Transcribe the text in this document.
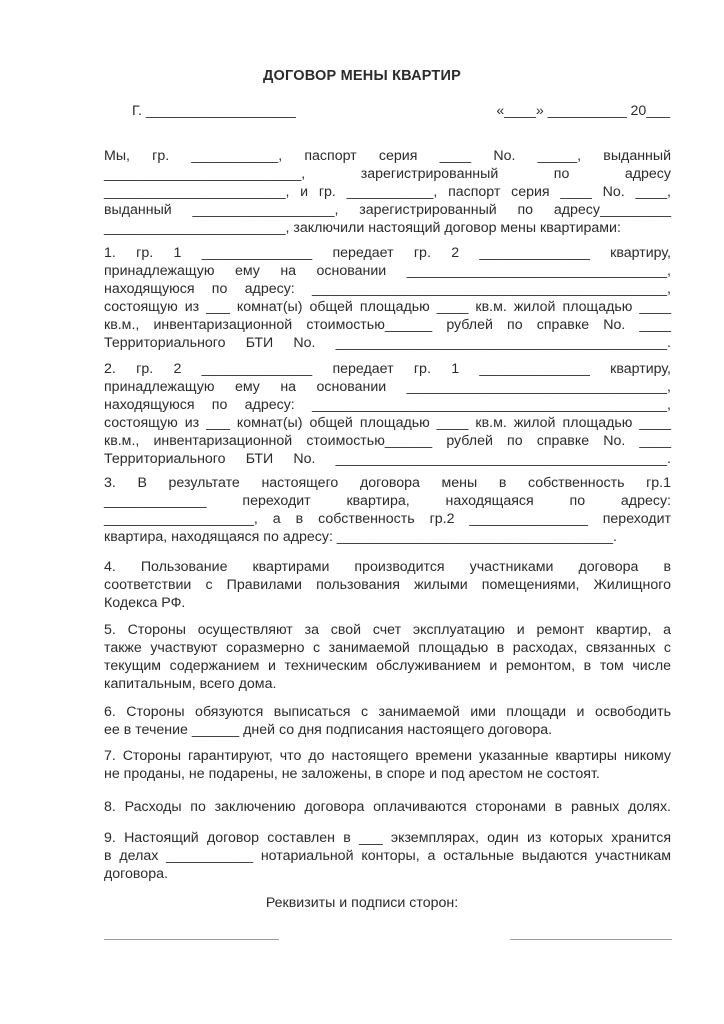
ДОГОВОР МЕНЫ КВАРТИР
Г. ___________________	«____» __________ 20___
Мы, гр. ___________, паспорт серия ____ No. _____, выданный
_________________________, зарегистрированный по адресу
_______________________, и гр. ___________, паспорт серия ____ No. ____,
выданный __________________, зарегистрированный по адресу_________
_______________________, заключили настоящий договор мены квартирами:
1. гр. 1 ______________ передает гр. 2 ______________ квартиру,
принадлежащую ему на основании _________________________________,
находящуюся по адресу: _____________________________________________,
состоящую из ___ комнат(ы) общей площадью ____ кв.м. жилой площадью ____
кв.м., инвентаризационной стоимостью______ рублей по справке No. ____
Территориального БТИ No. __________________________________________.
2. гр. 2 ______________ передает гр. 1 ______________ квартиру,
принадлежащую ему на основании _________________________________,
находящуюся по адресу: _____________________________________________,
состоящую из ___ комнат(ы) общей площадью ____ кв.м. жилой площадью ____
кв.м., инвентаризационной стоимостью______ рублей по справке No. ____
Территориального БТИ No. __________________________________________.
3. В результате настоящего договора мены в собственность гр.1
_____________ переходит квартира, находящаяся по адресу:
___________________, а в собственность гр.2 _______________ переходит
квартира, находящаяся по адресу: ___________________________________.
4. Пользование квартирами производится участниками договора в
соответствии с Правилами пользования жилыми помещениями, Жилищного
Кодекса РФ.
5. Стороны осуществляют за свой счет эксплуатацию и ремонт квартир, а
также участвуют соразмерно с занимаемой площадью в расходах, связанных с
текущим содержанием и техническим обслуживанием и ремонтом, в том числе
капитальным, всего дома.
6. Стороны обязуются выписаться с занимаемой ими площади и освободить
ее в течение ______ дней со дня подписания настоящего договора.
7. Стороны гарантируют, что до настоящего времени указанные квартиры никому
не проданы, не подарены, не заложены, в споре и под арестом не состоят.
8. Расходы по заключению договора оплачиваются сторонами в равных долях.
9. Настоящий договор составлен в ___ экземплярах, один из которых хранится
в делах ___________ нотариальной конторы, а остальные выдаются участникам
договора.
Реквизиты и подписи сторон:
